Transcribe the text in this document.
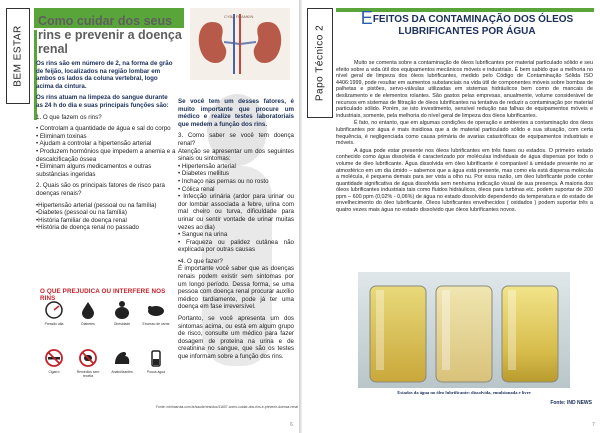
BEM ESTAR
Como cuidar dos seus rins e prevenir a doença renal
CYBA FRANKIN

Os rins são em número de 2, na forma de grão de feijão, localizados na região lombar em ambos os lados da coluna vertebral, logo acima da cintura.

Os rins atuam na limpeza do sangue durante as 24 h do dia e suas principais funções são:

1. O que fazem os rins?

• Controlam a quantidade de água e sal do corpo

• Eliminam toxinas

• Ajudam a controlar a hipertensão arterial

• Produzem hormônios que impedem a anemia e a descalcificação óssea

• Eliminam alguns medicamentos e outras substâncias ingeridas

2. Quais são os principais fatores de risco para doenças renais?

•Hipertensão arterial (pessoal ou na família)

•Diabetes (pessoal ou na família)

•História familiar de doença renal

•História de doença renal no passado

Se você tem um desses fatores, é muito importante que procure um médico e realize testes laboratoriais que medem a função dos rins.

3. Como saber se você tem doença renal?

Atenção se apresentar um dos seguintes sinais ou sintomas:

• Hipertensão arterial

• Diabetes mellitus

• Inchaço nas pernas ou no rosto

• Cólica renal

• Infecção urinária (ardor para urinar ou dor lombar associada a febre, urina com mal cheiro ou turva, dificuldade para urinar ou sentir vontade de urinar muitas vezes ao dia)

• Sangue na urina

• Fraqueza ou palidez cutânea não explicada por outras causas

•4. O que fazer?

É importante você saber que as doenças renais podem existir sem sintomas por um longo período. Dessa forma, se uma pessoa com doença renal procurar auxílio médico tardiamente, pode já ter uma doença em fase irreversível.

Portanto, se você apresenta um dos sintomas acima, ou está em algum grupo de risco, consulte um médico para fazer dosagem de proteína na urina e de creatinina no sangue, que são os testes que informam sobre a função dos rins.

O QUE PREJUDICA OU INTERFERE NOS RINS
Pressão alta	Diabetes	Obesidade	Excesso de carne
Cigarro	Remédios sem receita
Anabolizantes	Pouca água
Fonte: minhasrota.com.br/saude/rins/doc/11607-como-cuidar-dos-rins-e-prevenir-doenca-renal
6	7
Papo Técnico 2
EFEITOS DA CONTAMINAÇÃO DOS ÓLEOS LUBRIFICANTES POR ÁGUA

Muito se comenta sobre a contaminação de óleos lubrificantes por material particulado sólido e seu efeito sobre a vida útil dos equipamentos mecânicos móveis e industriais. É bem sabido que a melhoria no nível geral de limpeza dos óleos lubrificantes, medido pelo Código de Contaminação Sólida ISO 4406:1999, pode resultar em aumentos substanciais na vida útil de componentes móveis sobre bombas de palhetas e pistões, servo-válvulas utilizadas em sistemas hidráulicos bem como de mancais de deslizamento e de elementos rolantes. São gastos pelas empresas, anualmente, volume considerável de recursos em sistemas de filtração de óleos lubrificantes na tentativa de reduzir a contaminação por material particulado sólido. Porém, se isto investimento, sensível redução nas falhas de equipamentos móveis e industriais, somente, pela melhoria do nível geral de limpeza dos óleos lubrificantes.

É fato, no entanto, que em algumas condições de operação e ambientes a contaminação dos óleos lubrificantes por água é mais insidiosa que a de material particulado sólido e sua situação, com certa frequência, é negligenciada como causa primária de avarias catastróficas de equipamentos industriais e móveis.

A água pode estar presente nos óleos lubrificantes em três fases ou estados. O primeiro estado conhecido como água dissolvida é caracterizado por moléculas individuais de água dispersas por todo o volume de óleo lubrificante. Água dissolvida em óleo lubrificante é comparável à umidade presente no ar atmosférico em um dia úmido – sabemos que a água está presente, mas como ela está dispersa molécula a molécula, é pequena demais para ser vista a olho nu. Por essa razão, um óleo lubrificante pode conter quantidade significativa de água dissolvida sem nenhuma indicação visual de sua presença. A maioria dos óleos lubrificantes industriais tais como fluidos hidráulicos, óleos para turbinas etc. podem suportar de 200 ppm – 600 ppm (0,02% - 0,06%) de água no estado dissolvido dependendo da temperatura e do estado de envelhecimento do óleo lubrificante. Óleos lubrificantes envelhecidos ( oxidados ) podem suportar três a quatro vezes mais água no estado dissolvido que óleos lubrificantes novos.

Estados da água no óleo lubrificante: dissolvida, emulsionada e livre
Fonte: IND NEWS
